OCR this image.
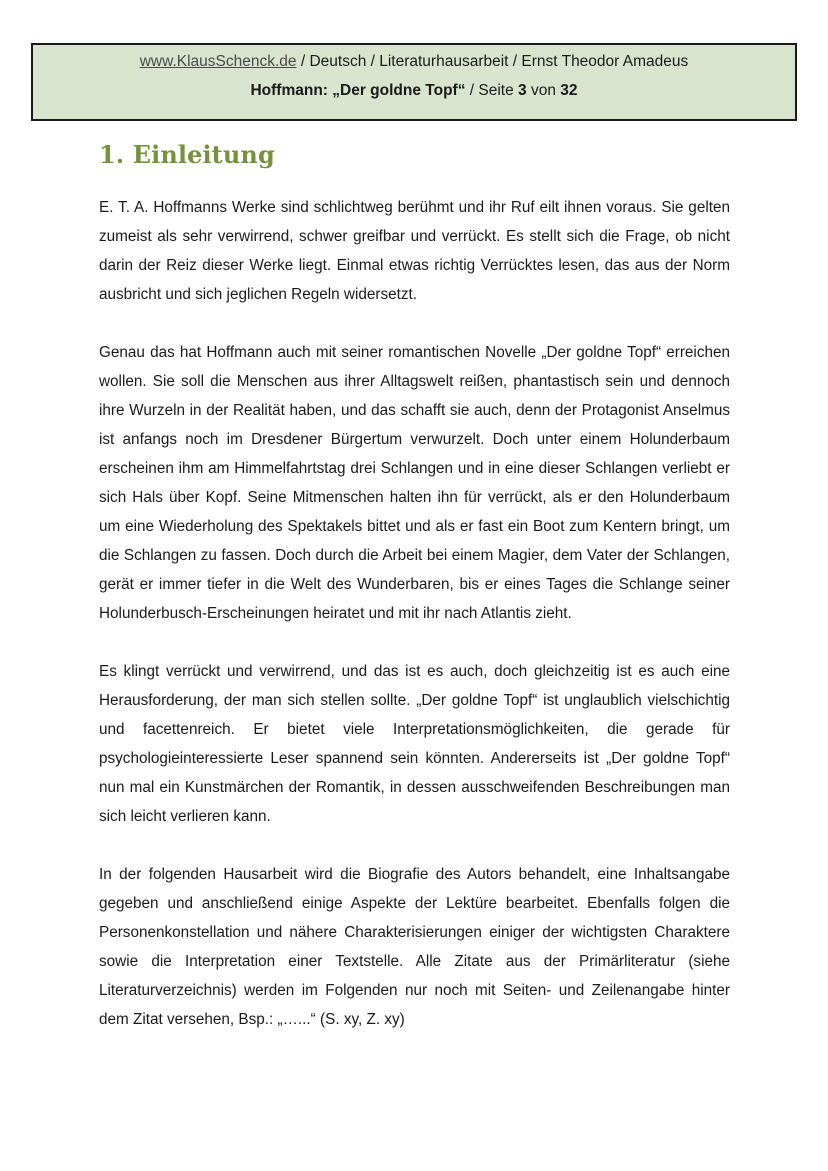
www.KlausSchenck.de / Deutsch / Literaturhausarbeit / Ernst Theodor Amadeus
Hoffmann: „Der goldne Topf“ / Seite 3 von 32
1. Einleitung

E. T. A. Hoffmanns Werke sind schlichtweg berühmt und ihr Ruf eilt ihnen voraus. Sie gelten zumeist als sehr verwirrend, schwer greifbar und verrückt. Es stellt sich die Frage, ob nicht darin der Reiz dieser Werke liegt. Einmal etwas richtig Verrücktes lesen, das aus der Norm ausbricht und sich jeglichen Regeln widersetzt.

Genau das hat Hoffmann auch mit seiner romantischen Novelle „Der goldne Topf“ erreichen wollen. Sie soll die Menschen aus ihrer Alltagswelt reißen, phantastisch sein und dennoch ihre Wurzeln in der Realität haben, und das schafft sie auch, denn der Protagonist Anselmus ist anfangs noch im Dresdener Bürgertum verwurzelt. Doch unter einem Holunderbaum erscheinen ihm am Himmelfahrtstag drei Schlangen und in eine dieser Schlangen verliebt er sich Hals über Kopf. Seine Mitmenschen halten ihn für verrückt, als er den Holunderbaum um eine Wiederholung des Spektakels bittet und als er fast ein Boot zum Kentern bringt, um die Schlangen zu fassen. Doch durch die Arbeit bei einem Magier, dem Vater der Schlangen, gerät er immer tiefer in die Welt des Wunderbaren, bis er eines Tages die Schlange seiner Holunderbusch-Erscheinungen heiratet und mit ihr nach Atlantis zieht.

Es klingt verrückt und verwirrend, und das ist es auch, doch gleichzeitig ist es auch eine Herausforderung, der man sich stellen sollte. „Der goldne Topf“ ist unglaublich vielschichtig und facettenreich. Er bietet viele Interpretationsmöglichkeiten, die gerade für psychologieinteressierte Leser spannend sein könnten. Andererseits ist „Der goldne Topf“ nun mal ein Kunstmärchen der Romantik, in dessen ausschweifenden Beschreibungen man sich leicht verlieren kann.

In der folgenden Hausarbeit wird die Biografie des Autors behandelt, eine Inhaltsangabe gegeben und anschließend einige Aspekte der Lektüre bearbeitet. Ebenfalls folgen die Personenkonstellation und nähere Charakterisierungen einiger der wichtigsten Charaktere sowie die Interpretation einer Textstelle. Alle Zitate aus der Primärliteratur (siehe Literaturverzeichnis) werden im Folgenden nur noch mit Seiten- und Zeilenangabe hinter dem Zitat versehen, Bsp.: „…...“ (S. xy, Z. xy)
